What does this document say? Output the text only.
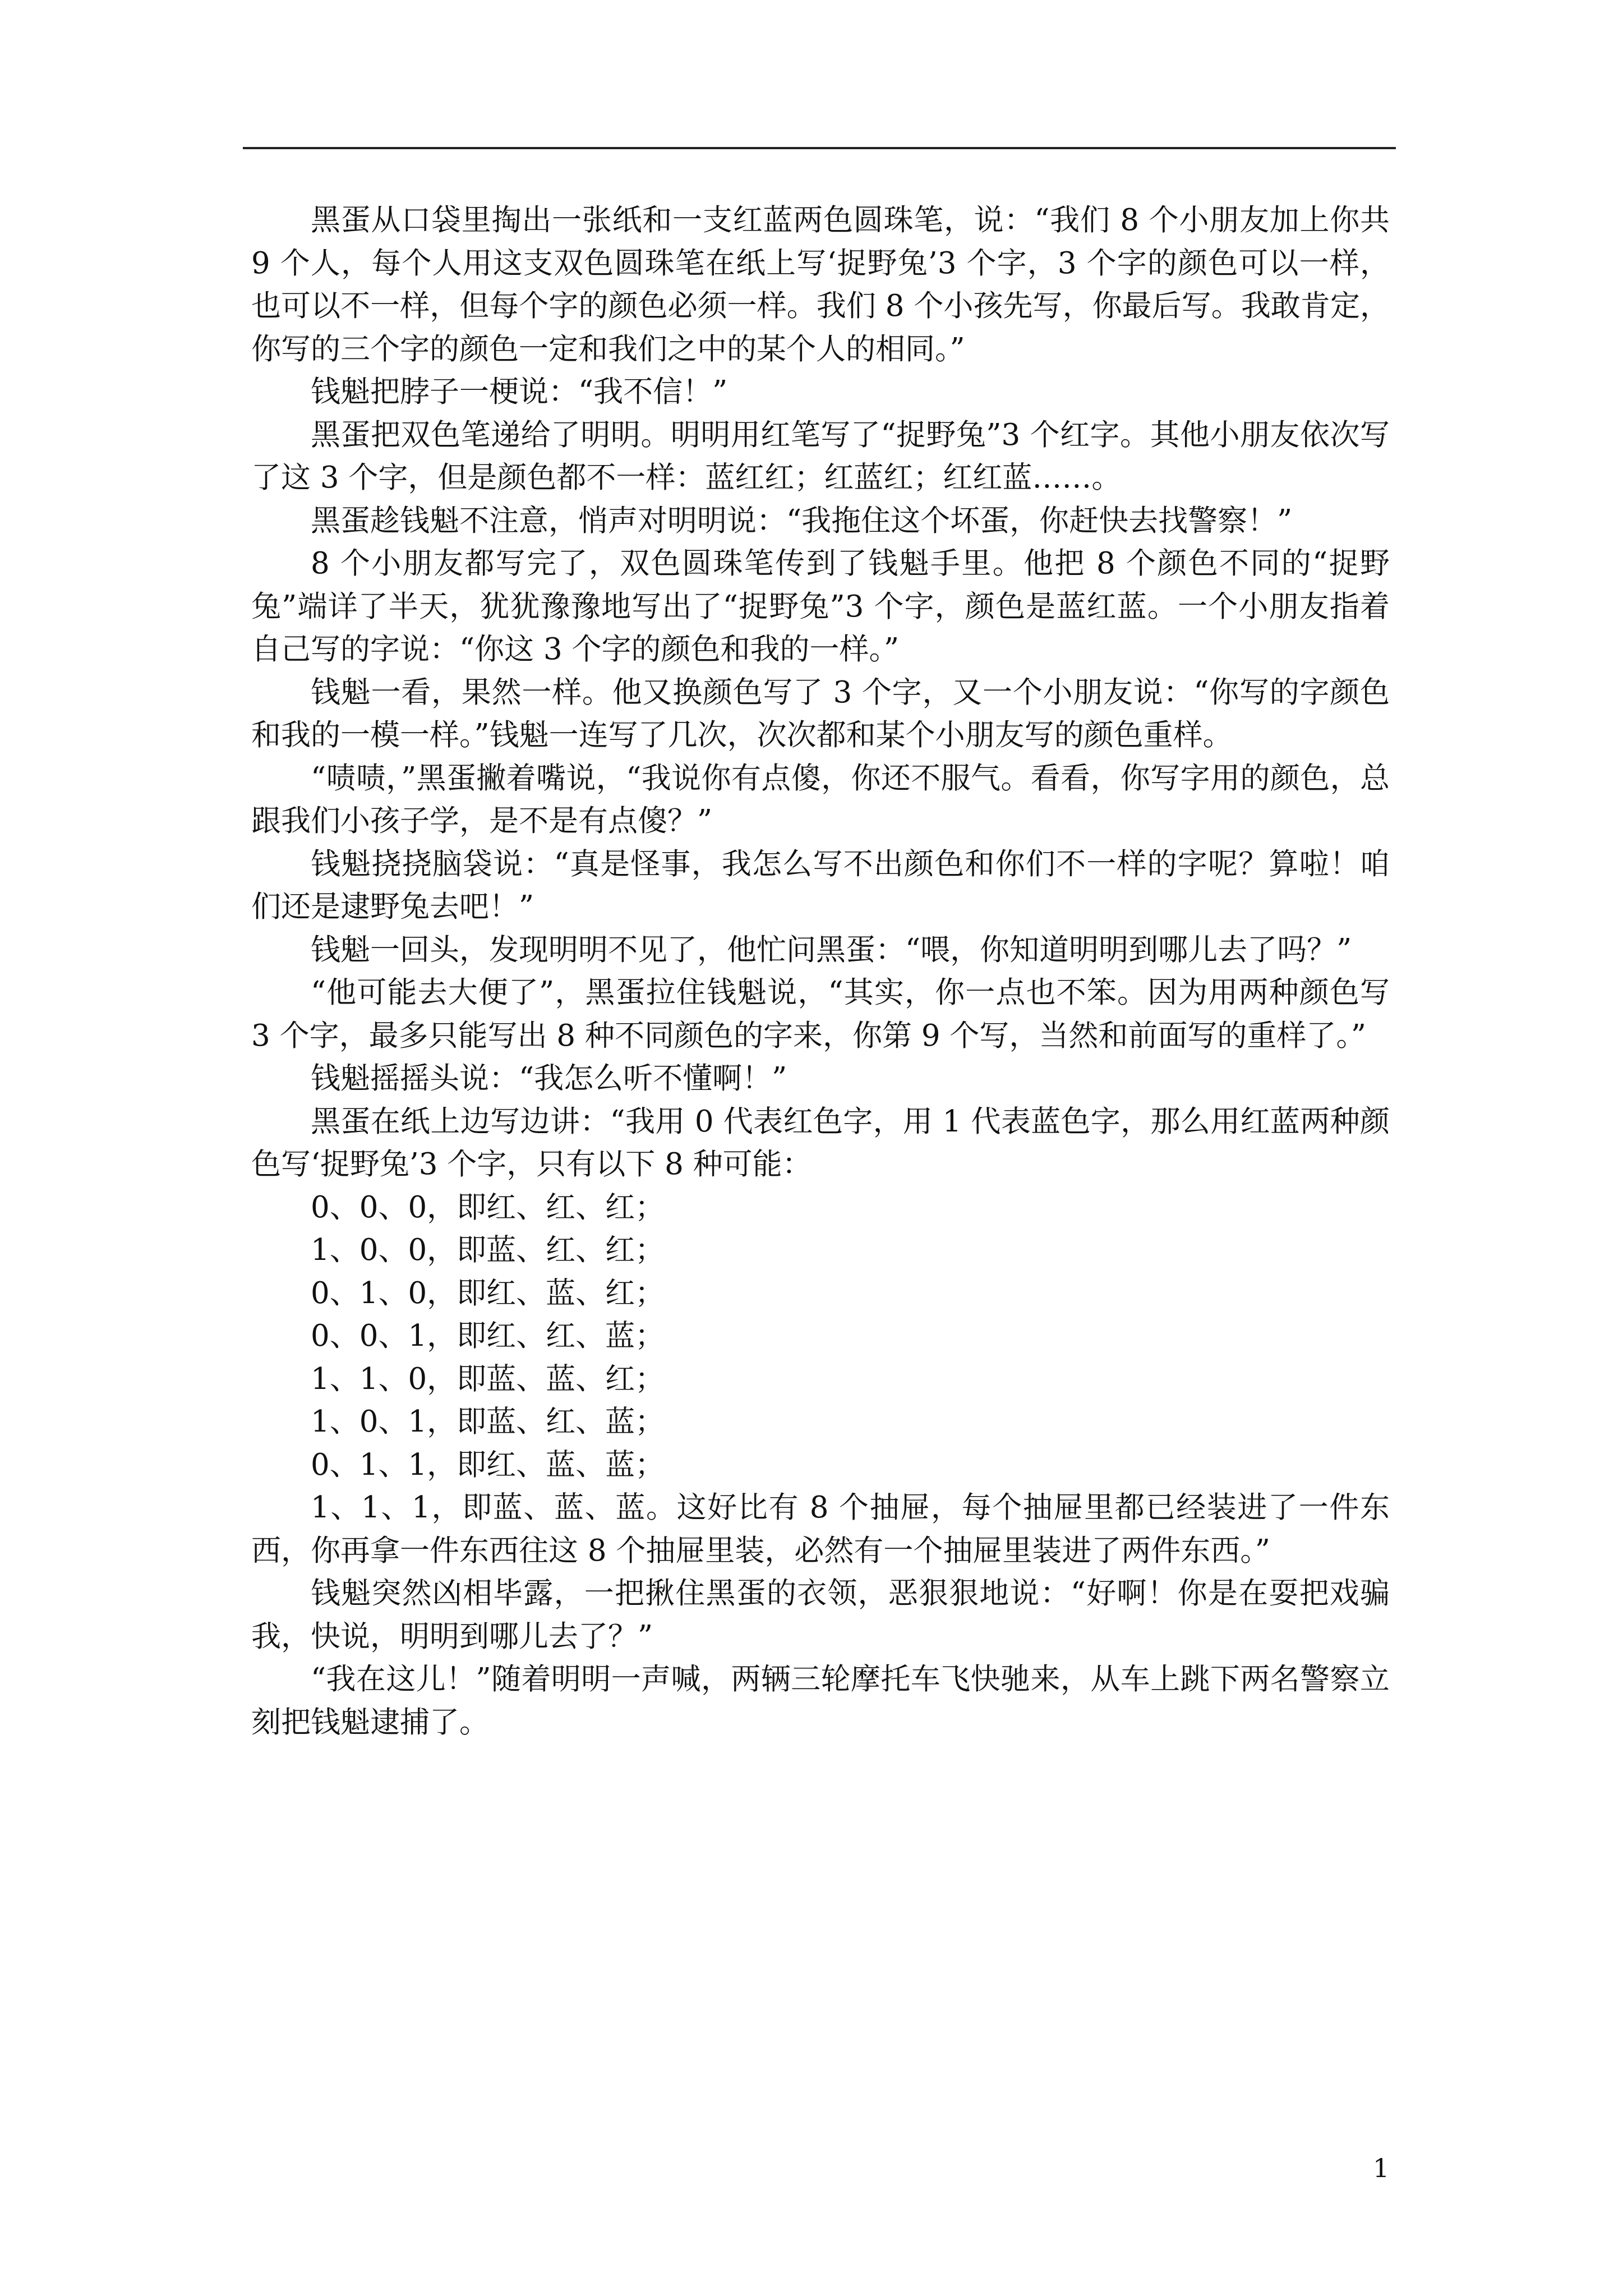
黑蛋从口袋里掏出一张纸和一支红蓝两色圆珠笔，说：“我们 8 个小朋友加上你共 9 个人，每个人用这支双色圆珠笔在纸上写‘捉野兔’3 个字，3 个字的颜色可以一样，也可以不一样，但每个字的颜色必须一样。我们 8 个小孩先写，你最后写。我敢肯定，你写的三个字的颜色一定和我们之中的某个人的相同。”

钱魁把脖子一梗说：“我不信！”

黑蛋把双色笔递给了明明。明明用红笔写了“捉野兔”3 个红字。其他小朋友依次写了这 3 个字，但是颜色都不一样：蓝红红；红蓝红；红红蓝……。

黑蛋趁钱魁不注意，悄声对明明说：“我拖住这个坏蛋，你赶快去找警察！”

8 个小朋友都写完了，双色圆珠笔传到了钱魁手里。他把 8 个颜色不同的“捉野兔”端详了半天，犹犹豫豫地写出了“捉野兔”3 个字，颜色是蓝红蓝。一个小朋友指着自己写的字说：“你这 3 个字的颜色和我的一样。”

钱魁一看，果然一样。他又换颜色写了 3 个字，又一个小朋友说：“你写的字颜色和我的一模一样。”钱魁一连写了几次，次次都和某个小朋友写的颜色重样。

“啧啧，”黑蛋撇着嘴说，“我说你有点傻，你还不服气。看看，你写字用的颜色，总跟我们小孩子学，是不是有点傻？”

钱魁挠挠脑袋说：“真是怪事，我怎么写不出颜色和你们不一样的字呢？算啦！咱们还是逮野兔去吧！”

钱魁一回头，发现明明不见了，他忙问黑蛋：“喂，你知道明明到哪儿去了吗？”

“他可能去大便了”，黑蛋拉住钱魁说，“其实，你一点也不笨。因为用两种颜色写 3 个字，最多只能写出 8 种不同颜色的字来，你第 9 个写，当然和前面写的重样了。”

钱魁摇摇头说：“我怎么听不懂啊！”

黑蛋在纸上边写边讲：“我用 0 代表红色字，用 1 代表蓝色字，那么用红蓝两种颜色写‘捉野兔’3 个字，只有以下 8 种可能：

0、0、0，即红、红、红；

1、0、0，即蓝、红、红；

0、1、0，即红、蓝、红；

0、0、1，即红、红、蓝；

1、1、0，即蓝、蓝、红；

1、0、1，即蓝、红、蓝；

0、1、1，即红、蓝、蓝；

1、1、1，即蓝、蓝、蓝。这好比有 8 个抽屉，每个抽屉里都已经装进了一件东西，你再拿一件东西往这 8 个抽屉里装，必然有一个抽屉里装进了两件东西。”

钱魁突然凶相毕露，一把揪住黑蛋的衣领，恶狠狠地说：“好啊！你是在耍把戏骗我，快说，明明到哪儿去了？”

“我在这儿！”随着明明一声喊，两辆三轮摩托车飞快驰来，从车上跳下两名警察立刻把钱魁逮捕了。

1
